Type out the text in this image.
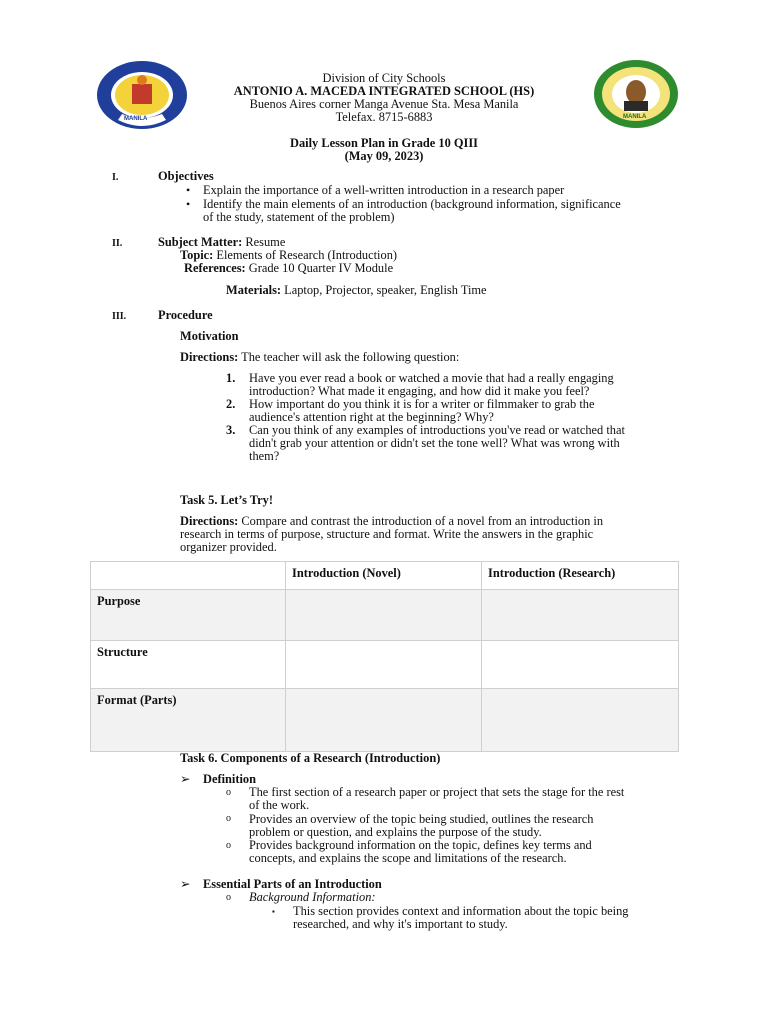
MANILA	MANILA
Division of City Schools
ANTONIO A. MACEDA INTEGRATED SCHOOL (HS)
Buenos Aires corner Manga Avenue Sta. Mesa Manila
Telefax. 8715-6883
Daily Lesson Plan in Grade 10 QIII
(May 09, 2023)
I.	Objectives
• Explain the importance of a well-written introduction in a research paper
• Identify the main elements of an introduction (background information, significance
of the study, statement of the problem)
II.	Subject Matter: Resume
Topic: Elements of Research (Introduction)
References: Grade 10 Quarter IV Module
Materials: Laptop, Projector, speaker, English Time
III.	Procedure
Motivation
Directions: The teacher will ask the following question:
1. Have you ever read a book or watched a movie that had a really engaging
introduction? What made it engaging, and how did it make you feel?
2. How important do you think it is for a writer or filmmaker to grab the
audience's attention right at the beginning? Why?
3. Can you think of any examples of introductions you've read or watched that
didn't grab your attention or didn't set the tone well? What was wrong with
them?
Task 5. Let’s Try!
Directions: Compare and contrast the introduction of a novel from an introduction in
research in terms of purpose, structure and format. Write the answers in the graphic
organizer provided.
	Introduction (Novel)	Introduction (Research)
Purpose		
Structure		
Format (Parts)		
Task 6. Components of a Research (Introduction)
➢ Definition
o The first section of a research paper or project that sets the stage for the rest
of the work.
o Provides an overview of the topic being studied, outlines the research
problem or question, and explains the purpose of the study.
o Provides background information on the topic, defines key terms and
concepts, and explains the scope and limitations of the research.
➢ Essential Parts of an Introduction
o Background Information:
▪ This section provides context and information about the topic being
researched, and why it's important to study.
